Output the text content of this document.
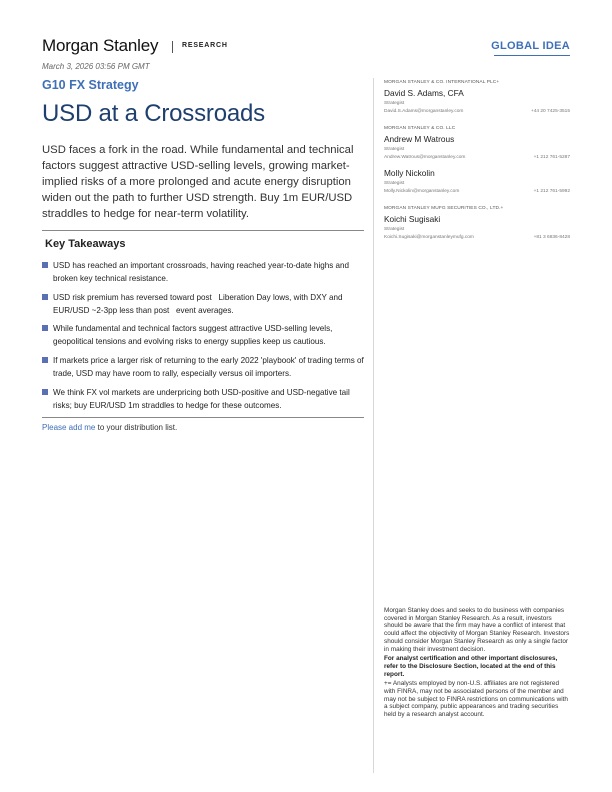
Morgan Stanley	RESEARCH	GLOBAL IDEA
March 3, 2026 03:56 PM GMT
G10 FX Strategy
USD at a Crossroads

USD faces a fork in the road. While fundamental and technical factors suggest attractive USD-selling levels, growing market-implied risks of a more prolonged and acute energy disruption widen out the path to further USD strength. Buy 1m EUR/USD straddles to hedge for near-term volatility.

Key Takeaways
USD has reached an important crossroads, having reached year-to-date highs and broken key technical resistance.
USD risk premium has reversed toward post   Liberation Day lows, with DXY and EUR/USD ~2-3pp less than post   event averages.
While fundamental and technical factors suggest attractive USD-selling levels, geopolitical tensions and evolving risks to energy supplies keep us cautious.
If markets price a larger risk of returning to the early 2022 'playbook' of trading terms of trade, USD may have room to rally, especially versus oil importers.
We think FX vol markets are underpricing both USD-positive and USD-negative tail risks; buy EUR/USD 1m straddles to hedge for these outcomes.

Please add me to your distribution list.

MORGAN STANLEY & CO. INTERNATIONAL PLC+
David S. Adams, CFA
Strategist
David.S.Adams@morganstanley.com	+44 20 7425-3515
MORGAN STANLEY & CO. LLC
Andrew M Watrous
Strategist
Andrew.Watrous@morganstanley.com	+1 212 761-5287
Molly Nickolin
Strategist
Molly.Nickolin@morganstanley.com	+1 212 761-5992
MORGAN STANLEY MUFG SECURITIES CO., LTD.+
Koichi Sugisaki
Strategist
Koichi.Sugisaki@morganstanleymufg.com	+81 3 6836-8428

Morgan Stanley does and seeks to do business with companies covered in Morgan Stanley Research. As a result, investors should be aware that the firm may have a conflict of interest that could affect the objectivity of Morgan Stanley Research. Investors should consider Morgan Stanley Research as only a single factor in making their investment decision.

For analyst certification and other important disclosures, refer to the Disclosure Section, located at the end of this report.

+= Analysts employed by non-U.S. affiliates are not registered with FINRA, may not be associated persons of the member and may not be subject to FINRA restrictions on communications with a subject company, public appearances and trading securities held by a research analyst account.
